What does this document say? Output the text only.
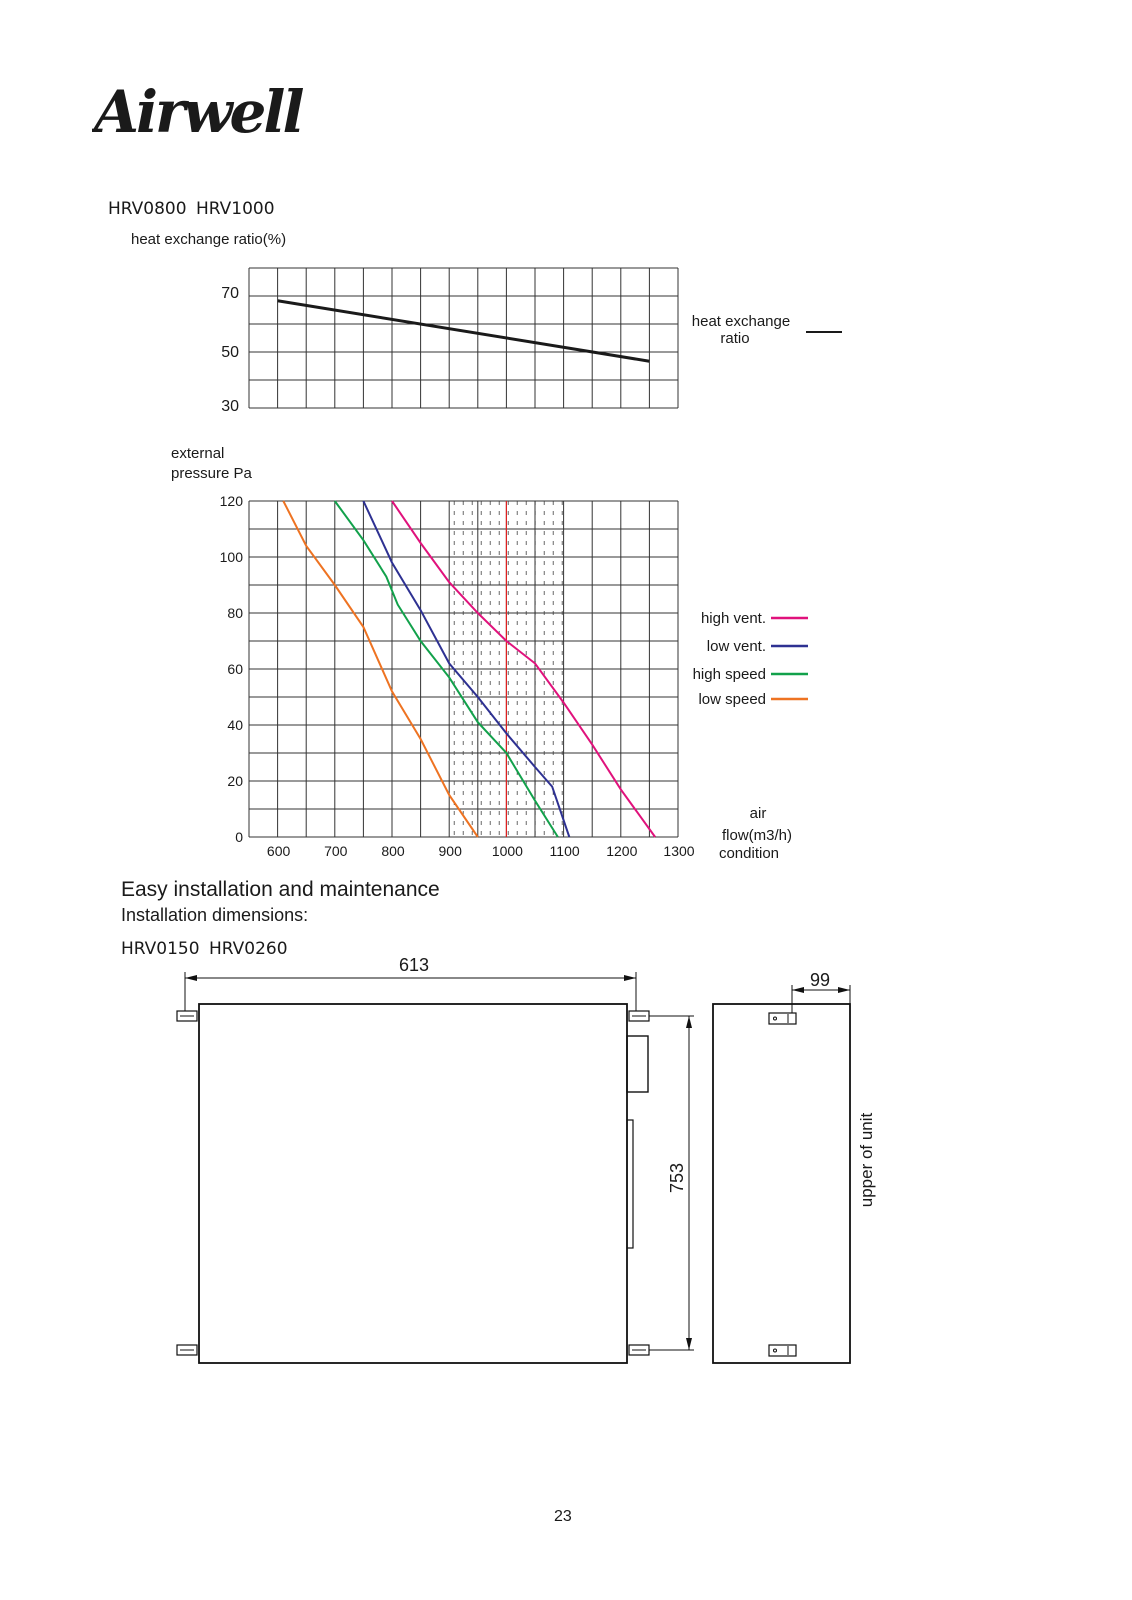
Airwell
HRV0800 HRV1000
heat exchange ratio(%)
70
50
30
heat exchange
ratio
0
20
40
60
80
100
120
600 700 800 900 1000 1100 1200 1300
high vent.
low vent.
high speed
low speed
air
flow(m3/h)
condition
613
753
99
upper of unit
external pressure Pa
Easy installation and maintenance
Installation dimensions:
HRV0150 HRV0260
23
